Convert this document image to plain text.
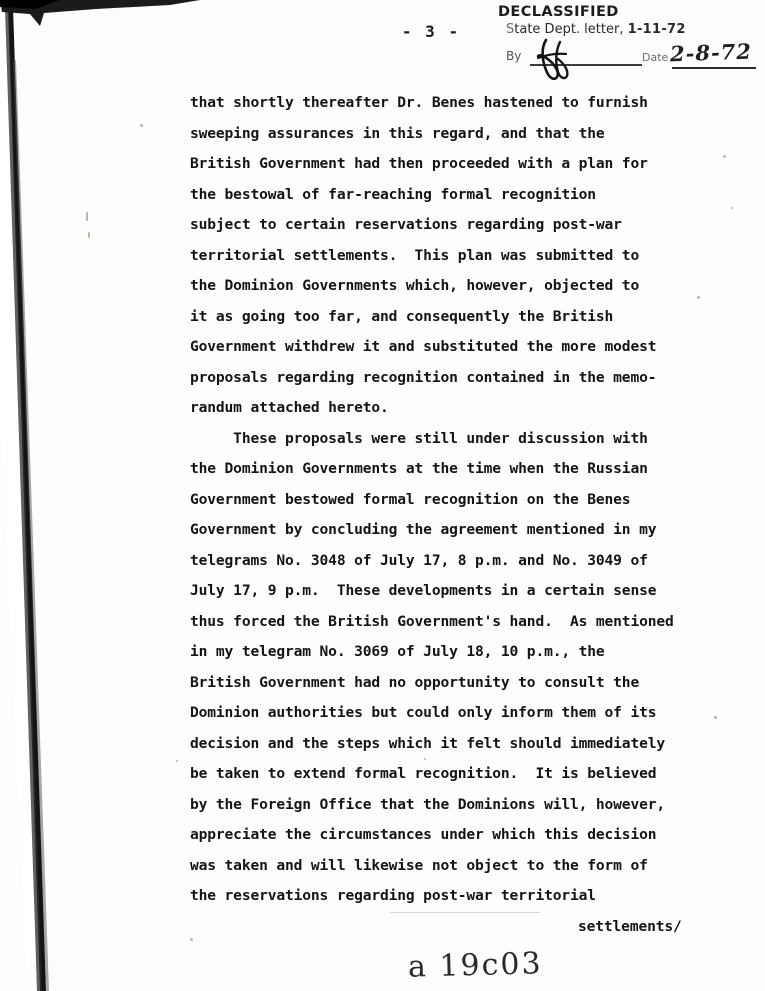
- 3 -
DECLASSIFIED
State Dept. letter, 1-11-72
By	Date 2-8-72
that shortly thereafter Dr. Benes hastened to furnish
sweeping assurances in this regard, and that the
British Government had then proceeded with a plan for
the bestowal of far-reaching formal recognition
subject to certain reservations regarding post-war
territorial settlements.  This plan was submitted to
the Dominion Governments which, however, objected to
it as going too far, and consequently the British
Government withdrew it and substituted the more modest
proposals regarding recognition contained in the memo-
randum attached hereto.
These proposals were still under discussion with
the Dominion Governments at the time when the Russian
Government bestowed formal recognition on the Benes
Government by concluding the agreement mentioned in my
telegrams No. 3048 of July 17, 8 p.m. and No. 3049 of
July 17, 9 p.m.  These developments in a certain sense
thus forced the British Government's hand.  As mentioned
in my telegram No. 3069 of July 18, 10 p.m., the
British Government had no opportunity to consult the
Dominion authorities but could only inform them of its
decision and the steps which it felt should immediately
be taken to extend formal recognition.  It is believed
by the Foreign Office that the Dominions will, however,
appreciate the circumstances under which this decision
was taken and will likewise not object to the form of
the reservations regarding post-war territorial
settlements/
a 19c03
